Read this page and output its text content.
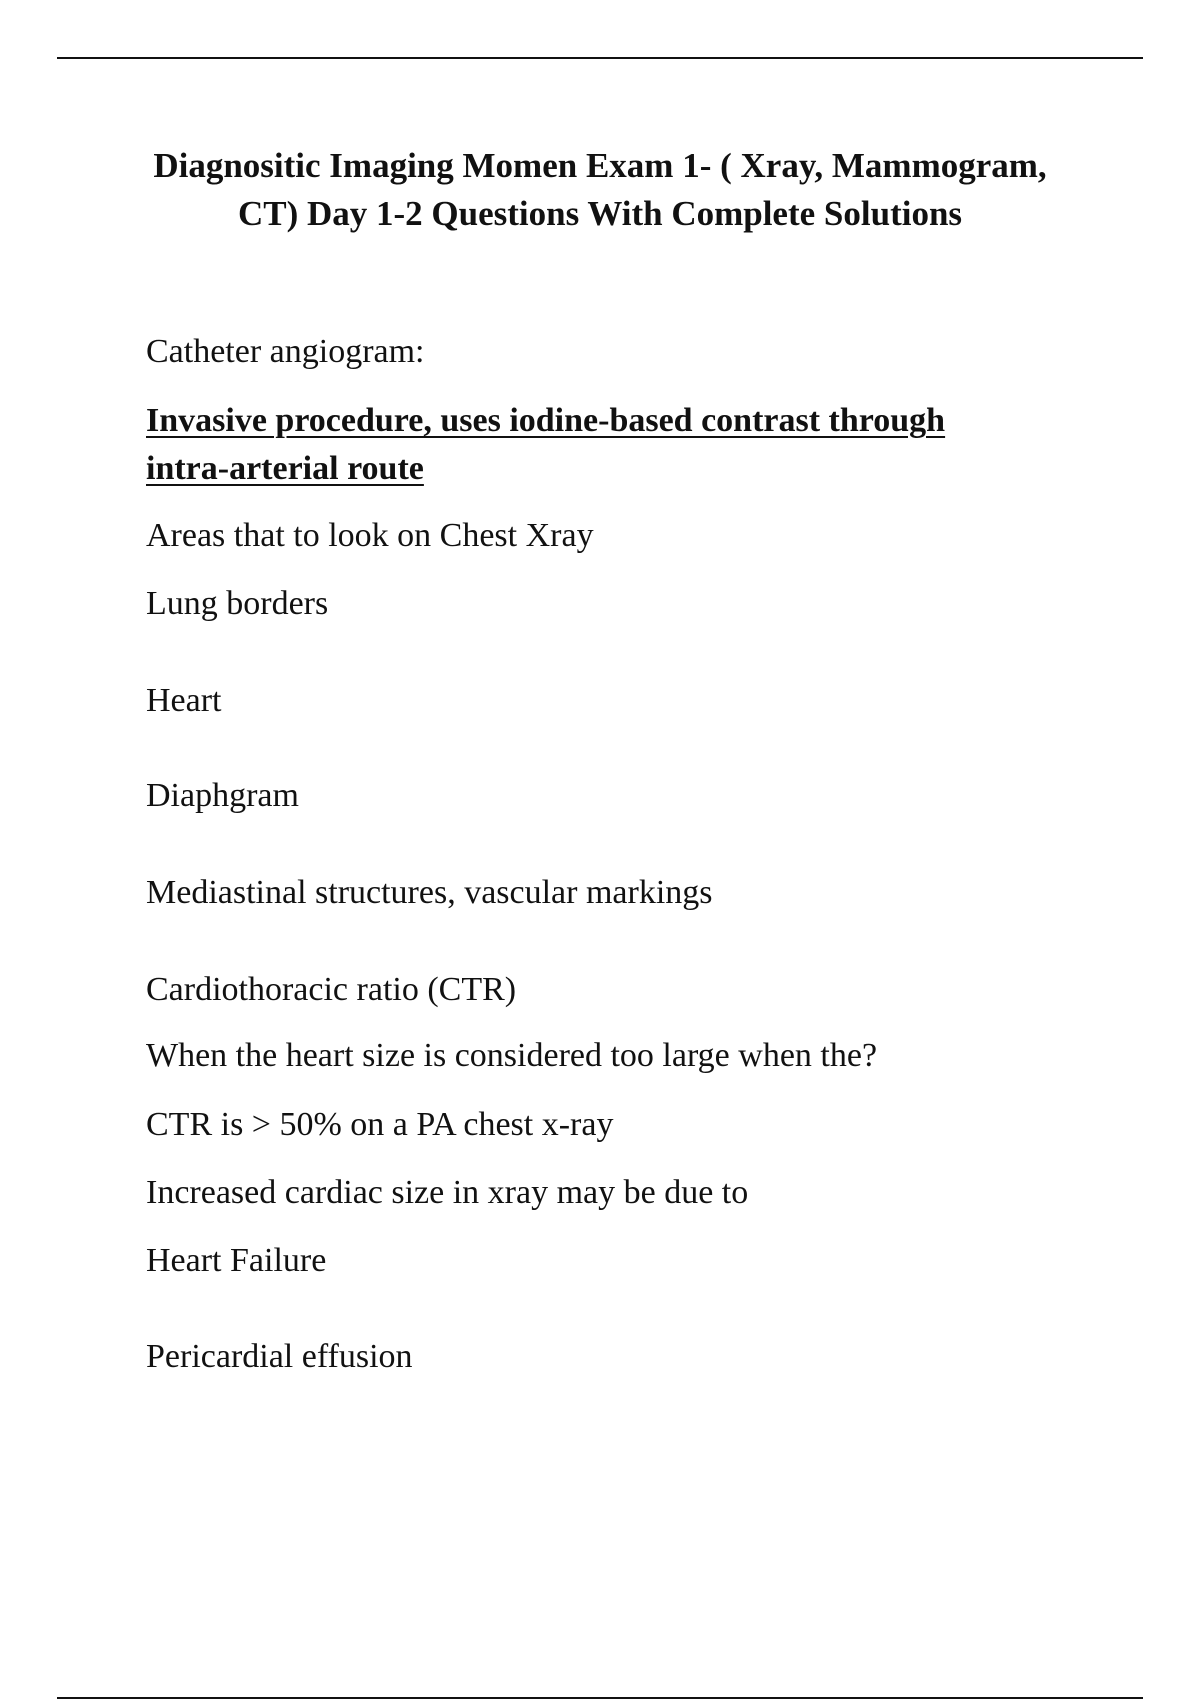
Diagnositic Imaging Momen Exam 1- ( Xray, Mammogram,
CT) Day 1-2 Questions With Complete Solutions

Catheter angiogram:

Invasive procedure, uses iodine-based contrast through
intra-arterial route

Areas that to look on Chest Xray

Lung borders

Heart

Diaphgram

Mediastinal structures, vascular markings

Cardiothoracic ratio (CTR)

When the heart size is considered too large when the?

CTR is > 50% on a PA chest x-ray

Increased cardiac size in xray may be due to

Heart Failure

Pericardial effusion
